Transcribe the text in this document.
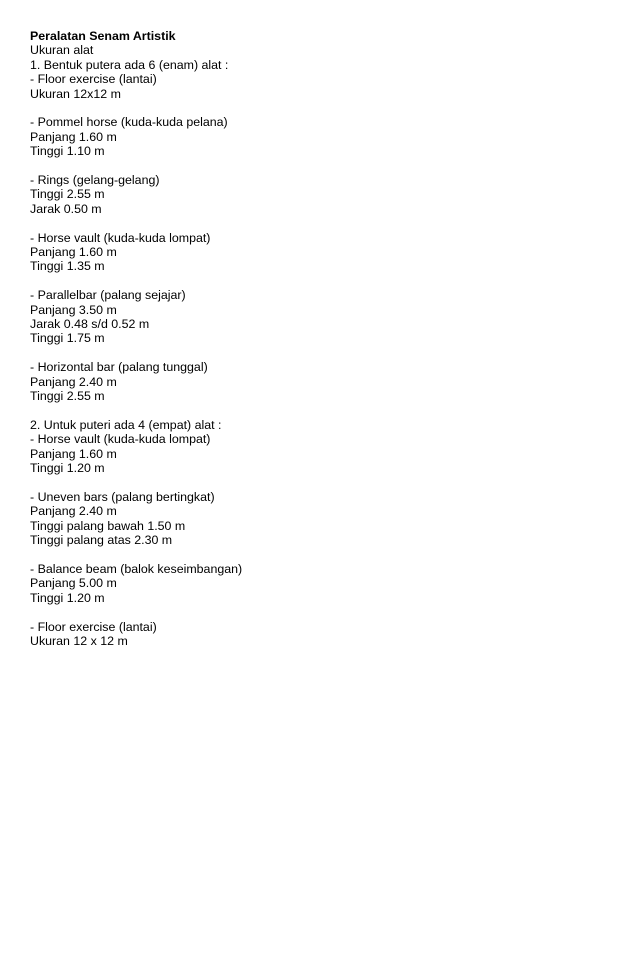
Peralatan Senam Artistik
Ukuran alat
1. Bentuk putera ada 6 (enam) alat :
- Floor exercise (lantai)
Ukuran 12x12 m
- Pommel horse (kuda-kuda pelana)
Panjang 1.60 m
Tinggi 1.10 m
- Rings (gelang-gelang)
Tinggi 2.55 m
Jarak 0.50 m
- Horse vault (kuda-kuda lompat)
Panjang 1.60 m
Tinggi 1.35 m
- Parallelbar (palang sejajar)
Panjang 3.50 m
Jarak 0.48 s/d 0.52 m
Tinggi 1.75 m
- Horizontal bar (palang tunggal)
Panjang 2.40 m
Tinggi 2.55 m
2. Untuk puteri ada 4 (empat) alat :
- Horse vault (kuda-kuda lompat)
Panjang 1.60 m
Tinggi 1.20 m
- Uneven bars (palang bertingkat)
Panjang 2.40 m
Tinggi palang bawah 1.50 m
Tinggi palang atas 2.30 m
- Balance beam (balok keseimbangan)
Panjang 5.00 m
Tinggi 1.20 m
- Floor exercise (lantai)
Ukuran 12 x 12 m
